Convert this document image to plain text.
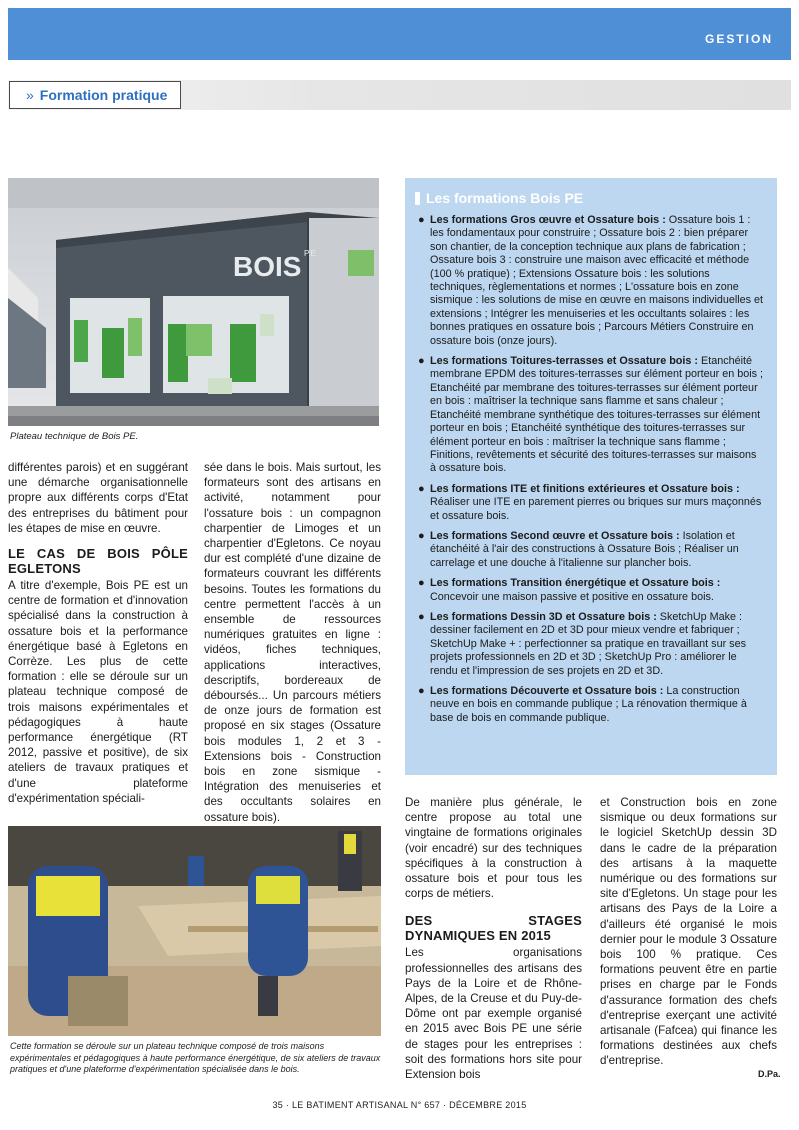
GESTION
» Formation pratique
BOIS P.E
Plateau technique de Bois PE.

différentes parois) et en suggérant une démarche organisationnelle propre aux différents corps d'Etat des entreprises du bâtiment pour les étapes de mise en œuvre.

LE CAS DE BOIS PÔLE EGLETONS

A titre d'exemple, Bois PE est un centre de formation et d'innovation spécialisé dans la construction à ossature bois et la performance énergétique basé à Egletons en Corrèze. Les plus de cette formation : elle se déroule sur un plateau technique composé de trois maisons expérimentales et pédagogiques à haute performance énergétique (RT 2012, passive et positive), de six ateliers de travaux pratiques et d'une plateforme d'expérimentation spéciali-

sée dans le bois. Mais surtout, les formateurs sont des artisans en activité, notamment pour l'ossature bois : un compagnon charpentier de Limoges et un charpentier d'Egletons. Ce noyau dur est complété d'une dizaine de formateurs couvrant les différents besoins. Toutes les formations du centre permettent l'accès à un ensemble de ressources numériques gratuites en ligne : vidéos, fiches techniques, applications interactives, descriptifs, bordereaux de déboursés... Un parcours métiers de onze jours de formation est proposé en six stages (Ossature bois modules 1, 2 et 3 - Extensions bois - Construction bois en zone sismique - Intégration des menuiseries et des occultants solaires en ossature bois).

Les formations Bois PE
● Les formations Gros œuvre et Ossature bois : Ossature bois 1 : les fondamentaux pour construire ; Ossature bois 2 : bien préparer son chantier, de la conception technique aux plans de fabrication ; Ossature bois 3 : construire une maison avec efficacité et méthode (100 % pratique) ; Extensions Ossature bois : les solutions techniques, règlementations et normes ; L'ossature bois en zone sismique : les solutions de mise en œuvre en maisons individuelles et extensions ; Intégrer les menuiseries et les occultants solaires : les bonnes pratiques en ossature bois ; Parcours Métiers Construire en ossature bois (onze jours).
● Les formations Toitures-terrasses et Ossature bois : Etanchéité membrane EPDM des toitures-terrasses sur élément porteur en bois ; Etanchéité par membrane des toitures-terrasses sur élément porteur en bois : maîtriser la technique sans flamme et sans chaleur ; Etanchéité membrane synthétique des toitures-terrasses sur élément porteur en bois ; Etanchéité synthétique des toitures-terrasses sur élément porteur en bois : maîtriser la technique sans flamme ; Finitions, revêtements et sécurité des toitures-terrasses sur maisons à ossature bois.
● Les formations ITE et finitions extérieures et Ossature bois : Réaliser une ITE en parement pierres ou briques sur murs maçonnés et ossature bois.
● Les formations Second œuvre et Ossature bois : Isolation et étanchéité à l'air des constructions à Ossature Bois ; Réaliser un carrelage et une douche à l'italienne sur plancher bois.
● Les formations Transition énergétique et Ossature bois : Concevoir une maison passive et positive en ossature bois.
● Les formations Dessin 3D et Ossature bois : SketchUp Make : dessiner facilement en 2D et 3D pour mieux vendre et fabriquer ; SketchUp Make + : perfectionner sa pratique en travaillant sur ses projets professionnels en 2D et 3D ; SketchUp Pro : améliorer le rendu et l'impression de ses projets en 2D et 3D.
● Les formations Découverte et Ossature bois : La construction neuve en bois en commande publique ; La rénovation thermique à base de bois en commande publique.
Cette formation se déroule sur un plateau technique composé de trois maisons expérimentales et pédagogiques à haute performance énergétique, de six ateliers de travaux pratiques et d'une plateforme d'expérimentation spécialisée dans le bois.

De manière plus générale, le centre propose au total une vingtaine de formations originales (voir encadré) sur des techniques spécifiques à la construction à ossature bois et pour tous les corps de métiers.

DES STAGES DYNAMIQUES EN 2015

Les organisations professionnelles des artisans des Pays de la Loire et de Rhône-Alpes, de la Creuse et du Puy-de-Dôme ont par exemple organisé en 2015 avec Bois PE une série de stages pour les entreprises : soit des formations hors site pour Extension bois

et Construction bois en zone sismique ou deux formations sur le logiciel SketchUp dessin 3D dans le cadre de la préparation des artisans à la maquette numérique ou des formations sur site d'Egletons. Un stage pour les artisans des Pays de la Loire a d'ailleurs été organisé le mois dernier pour le module 3 Ossature bois 100 % pratique. Ces formations peuvent être en partie prises en charge par le Fonds d'assurance formation des chefs d'entreprise exerçant une activité artisanale (Fafcea) qui finance les formations destinées aux chefs d'entreprise.

D.Pa.
35 · LE BATIMENT ARTISANAL N° 657 · DÉCEMBRE 2015
